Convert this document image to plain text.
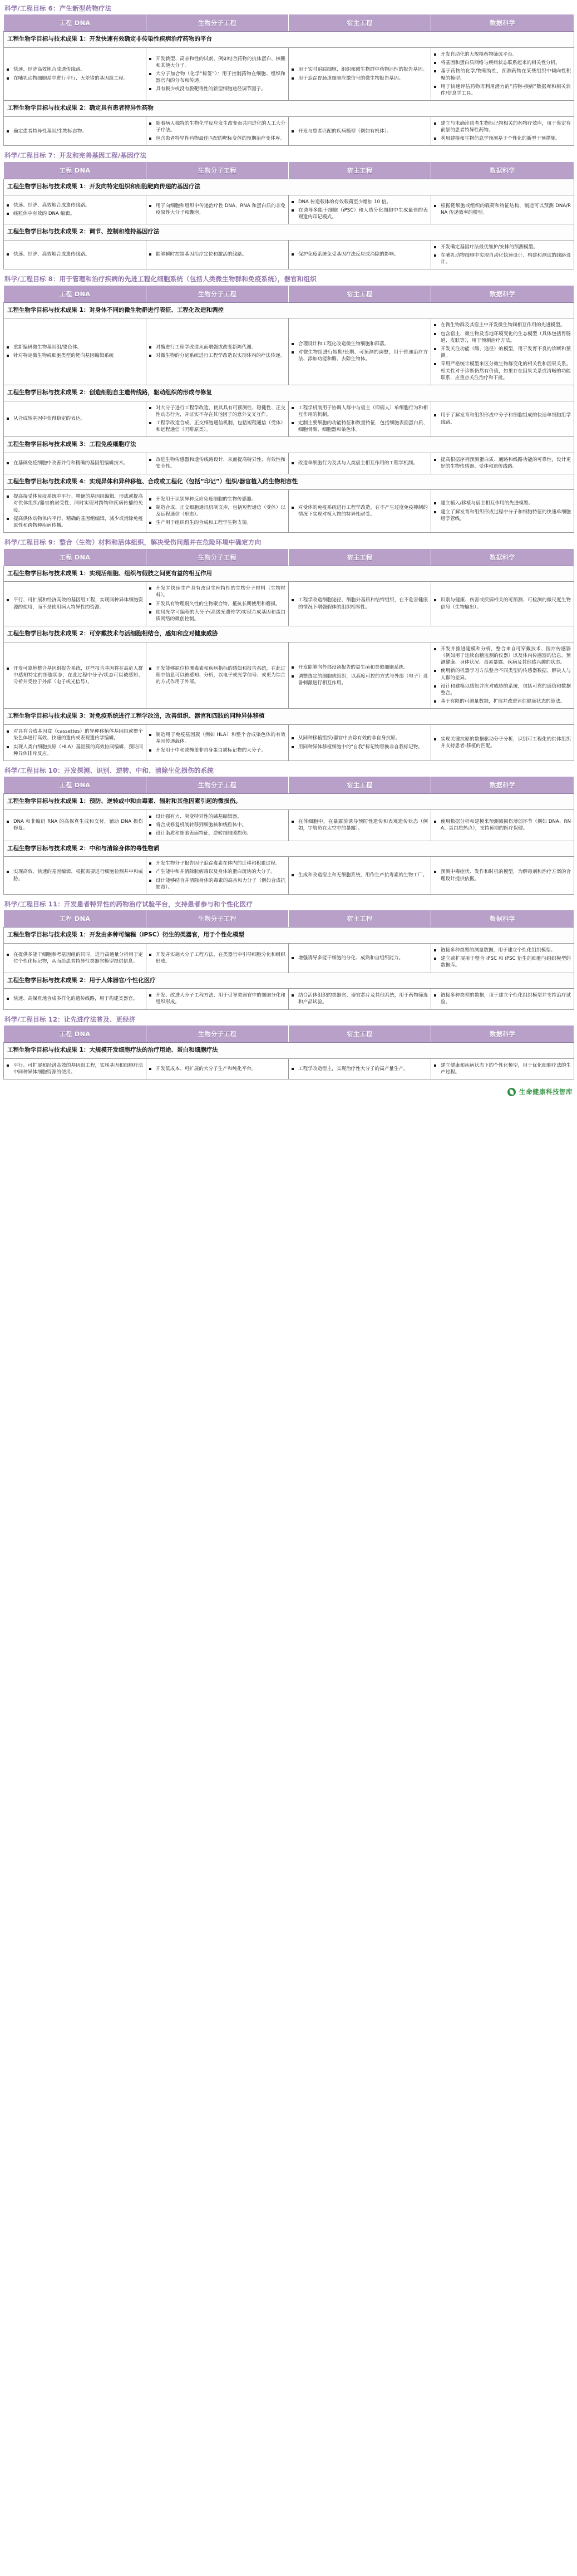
科学/工程目标 6：产生新型药物疗法
工程 DNA	生物分子工程	宿主工程	数据科学
工程生物学目标与技术成果 1：开发快速有效确定非传染性疾病治疗药物的平台			

快速、经济高效地合成遗传线路。
在哺乳动物细胞系中进行平行、无差错的基因组工程。

开发新型、高亲和性的试剂，例如结合药物的抗体蛋白、核酸和其他大分子。
大分子加合物（化学“标签”）：用于控制药物在细胞、组织和器官内的分布和传递。
具有极少或没有脱靶毒性的新型细胞途径调节因子。

用于实时追踪细胞、组织和微生物群中药物活性的报告基因。
用于追踪胃肠道细胞应激信号的微生物报告基因。

开发自动化的大规模药物筛选平台。
将基因和蛋白质网络与疾病状态联系起来的相关性分析。
基于药物的化学/物理特性，预测药物在某些组织中倾向性积聚的模型。
用于快速评估药物再利用潜力的“药物-疾病”数据库和相关软件/信息学工具。

工程生物学目标与技术成果 2：确定具有患者特异性药物			

确定患者特异性基因/生物标志物。

随着病人独特的生物化学反应发生改变而共同进化的人工大分子疗法。
包含患者特异性药物最佳匹配的靶标变体的预期治疗变体库。

开发与患者匹配的疾病模型（例如有机体）。

建立与未确诊患者生物标记物相关的药物疗效库，用于鉴定有前景的患者特异性药物。
利用建模和生物信息学预测基于个性化的新型干预措施。
科学/工程目标 7：开发和完善基因工程/基因疗法
工程 DNA	生物分子工程	宿主工程	数据科学
工程生物学目标与技术成果 1：开发向特定组织和细胞靶向传递的基因疗法			

快速、经济、高效地合成遗传线路。
线粒体中有效的 DNA 编辑。

用于向细胞和组织中传递治疗性 DNA、RNA 和蛋白质的非免疫原性大分子和囊泡。

DNA 传递载体的有效载荷至少增加 10 倍。
在诱导多能干细胞（iPSC）和人造分化细胞中生成最佳的表观遗传印记模式。

根据靶细胞或组织的载荷和特征结构，制造可以预测 DNA/RNA 传递效率的模型。

工程生物学目标与技术成果 2：调节、控制和维持基因疗法			

快速、经济、高效地合成遗传线路。	能够瞬时控制基因治疗定位和激活的线路。	保护免疫系统免受基因疗法反应或消除的影响。

开发确定基因疗法最优维护/安排的预测模型。
在哺乳动物细胞中实现自动化快速设计、构建和测试的线路设计。
科学/工程目标 8：用于管理和治疗疾病的先进工程化细胞系统（包括人类微生物群和免疫系统），器官和组织
工程 DNA	生物分子工程	宿主工程	数据科学
工程生物学目标与技术成果 1：对身体不同的微生物群进行表征、工程化改造和调控			

重新编码微生物基因组/染色体。
针对特定微生物或细胞类型的靶向基因编辑系统

对酶进行工程学改造从而增强或改变新陈代谢。
对微生物的分泌系统进行工程学改造以实现体内的疗法传递。

合理设计和工程化改造微生物细胞和群落。
对微生物组进行短期/长期、可预测的调整，用于传递治疗方法、添加功能和酶、去除生物体。

在微生物群及其宿主中开发微生物间相互作用的先进模型。
包含宿主、微生物及当地环境变化的生态模型（具体包括胃肠道、皮肤等），用于预测治疗方法。
开发关注功能（酶、途径）的模型，用于发育不良的诊断和预测。
采用严格统计模型来区分微生物群变化的相关性和因果关系。相关性对于诊断仍然有价值，如果存在因果关系或清晰的功能联系，应重点关注治疗和干扰。

工程生物学目标与技术成果 2：创造细胞自主遗传线路，驱动组织的形成与修复			

从合成转基因中获得稳定的表达。

对大分子进行工程学改造，使其具有可预测性、稳健性、正交性动态行为，并证实不存在其他因子的意外交叉互作。
工程学改造合成、正交细胞通信机制，包括短程通信（受体）和远程通信（吗啡原类）。

工程学机制用于协调人群中与宿主（即病人）单细胞行为和相互作用的机制。
定制主要细胞的功能特征和数量特征，包括细胞表面蛋白质、细胞骨架、细胞器和染色体。

用于了解发育和组织形成中分子和细胞组成的快速单细胞组学线路。

工程生物学目标与技术成果 3：工程免疫细胞疗法			

在基础免疫细胞中改善并行和精确的基因组编辑技术。

改进生物传感器和遗传线路设计，从而提高特异性、有效性和安全性。

改造单细胞行为及其与人类宿主相互作用的工程学机制。

提高根据序列预测蛋白质、通路和线路功能的可靠性，设计更好的生物传感器、受体和遗传线路。

工程生物学目标与技术成果 4：实现异体和异种移植、合成或工程化（包括“印记”）组织/器官植入的生物相容性			

提高接受体免疫系统中平行、精确的基因组编辑，形成或提高对供体组织/器官的耐受性，同时实现对跨物种疾病传播的免疫。
提高供体动物体内平行、精确的基因组编辑，减少或消除免疫原性和跨物种疾病传播。

开发用于识别异种反应免疫细胞的生物传感器。
制造合成、正交细胞通讯机制文库，包括短程通信（受体）以及远程通信（形态）。
生产用于组织再生的合成和工程学生物支架。

对受体的免疫系统进行工程学改造，在不产生过度免疫抑制的情况下实现对植入物的特异性耐受。

建立植入/移植与宿主相互作用的先进模型。
建立了解发育和组织形成过程中分子和细胞特征的快速单细胞组学管线。
科学/工程目标 9：整合（生物）材料和活体组织，解决受伤问题并在危险环境中确定方向
工程 DNA	生物分子工程	宿主工程	数据科学
工程生物学目标与技术成果 1：实现活细胞、组织与假肢之间更有益的相互作用			

平行、可扩展和经济高效的基因组工程，实现同种异体细胞资源的使用，而不是使用病人特异性的资源。

开发并快速生产具有改良生理特性的生物分子材料（生物材料）。
开发具有物理耐久性的生物聚合物，抵抗长期使用和磨损。
使用光学可编程的大分子(高级光遗传学)实现合成基因和蛋白质网络的微创控制。

工程学改造细胞途径、细胞外基质和结缔组织，在不危害健康的情况下增强假体的组织相容性。

识别与健康、伤害或疾病相关的可预测、可检测的微尺度生物信号（生物输出）。

工程生物学目标与技术成果 2：可穿戴技术与活细胞相结合，感知和应对健康威胁			

开发可靠地整合基因组报告系统，这些报告基因将在高危人群中感知特定的细胞状态，在此过程中分子/状态可以被感知、分析并受控于外部（电子或光信号）。

开发能够原位检测毒素和疾病指标的感知和报告系统，在此过程中信息可以被感知、分析，以电子或光学信号、或更为综合的方式作用于外部。

开发能够向外部设备报告的益生菌和类似细胞系统。
调整选定的细胞或组织，以高度可控的方式与外部（电子）设备刺激进行相互作用。

开发并推进建模和分析，整合来自可穿戴技术、医疗传感器（例如用于连续血糖监测的仪器）以及体内传感器的信息，预测健康、身体状况、毒素暴露、疾病及其他感兴趣的状态。
使用新的机器学习方法整合不同类型的传感器数据，解决人与人群的差异。
设计和建模以感知并应对威胁的系统，包括可靠的通信和数据整合。
基于有限的可测量数据，扩展并改进评估健康状态的算法。

工程生物学目标与技术成果 3：对免疫系统进行工程学改造，改善组织、器官和四肢的同种异体移植			

对具有合成基因盒（cassettes）的异种移植体基因组或整个染色体进行高效、快速的遗传或表观遗传学编辑。
实现人类白细胞抗原（HLA）基因簇的高效协同编辑，预防同种异体排斥反应。

制造用于免疫基因簇（例如 HLA）和整个合成染色体的有效基因传递载体。
开发用于中和或掩盖非自身蛋白质标记物的大分子。

从同种移植组织/器官中去除有效的非自身抗原。
用同种异体移植细胞中的“自我”标记物替换非自我标记物。

实现关键抗原的数据驱动分子分析，识别可工程化的供体组织并支持患者-移植的匹配。
科学/工程目标 10：开发探测、识别、逆转、中和、清除生化损伤的系统
工程 DNA	生物分子工程	宿主工程	数据科学
工程生物学目标与技术成果 1：预防、逆转或中和由毒素、辐射和其他因素引起的微损伤。			

DNA 和非编码 RNA 的高保真生成和交付，辅助 DNA 损伤修复。

设计强有力、突变特异性的碱基编辑器。
将合成修复机制转移到细胞核和线粒体中。
设计脂质和细胞表面特征，逆转细胞膜损伤。

在体细胞中，在暴露前诱导预防性遗传和表观遗传状态（例如，宇航员在太空中的暴露）。

使用数据分析和建模来预测微损伤薄弱环节（例如 DNA、RNA、蛋白质热点），支持预期的医疗保健。

工程生物学目标与技术成果 2：中和与清除身体的毒性物质			

实现高效、快速的基因编辑，根据需要进行细胞检测并中和威胁。

开发生物分子报告因子追踪毒素在体内的迁移和积累过程。
产生能中和并清除朊病毒以及身体的蛋白斑块的大分子。
设计能够结合并清除身体的毒素的高亲和力分子（例如合成抗蛇毒）。

生成和改造宿主和无细胞系统，用作生产抗毒素的生物工厂。

预测中毒症状、发作和时机的模型，为解毒剂和治疗方案的合理设计提供依据。
科学/工程目标 11：开发患者特异性的药物治疗试验平台，支持患者参与和个性化医疗
工程 DNA	生物分子工程	宿主工程	数据科学
工程生物学目标与技术成果 1：开发由多种可编程（iPSC）衍生的类器官，用于个性化模型			

在提供多能干细胞参考基因组的同时，进行高通量分析用于定位个性化标记物，从而给患者特异性类器官模型提供信息。

开发并实施大分子工程方法，在类器官中引导细胞分化和组织形成。

增强诱导多能干细胞的分化、成熟和自组织能力。

链接多种类型的测量数据，用于建立个性化组织模型。
建立或扩展用于整合 iPSC 和 iPSC 衍生的细胞与组织模型的数据库。

工程生物学目标与技术成果 2：用于人体器官/个性化医疗			

快速、高保真地合成多样化的遗传线路，用于构建类器官。

开发、改进大分子工程方法，用于引导类器官中的细胞分化和组织形成。

结合活体组织的类器官、器官芯片及其他系统，用于药物筛选和产品试验。

链接多种类型的数据，用于建立个性化组织模型并支持治疗试验。
科学/工程目标 12：让先进疗法普及、更经济
工程 DNA	生物分子工程	宿主工程	数据科学
工程生物学目标与技术成果 1：大规模开发细胞疗法的治疗用途、蛋白和细胞疗法			

平行、可扩展和经济高效的基因组工程，实现基因和细胞疗法中同种异体细胞资源的使用。

开发低成本、可扩展的大分子生产和纯化平台。	工程学改造宿主，实现治疗性大分子的高产量生产。

建立健康和疾病状态下的个性化模型，用于优化细胞疗法的生产过程。
生命健康科技智库
